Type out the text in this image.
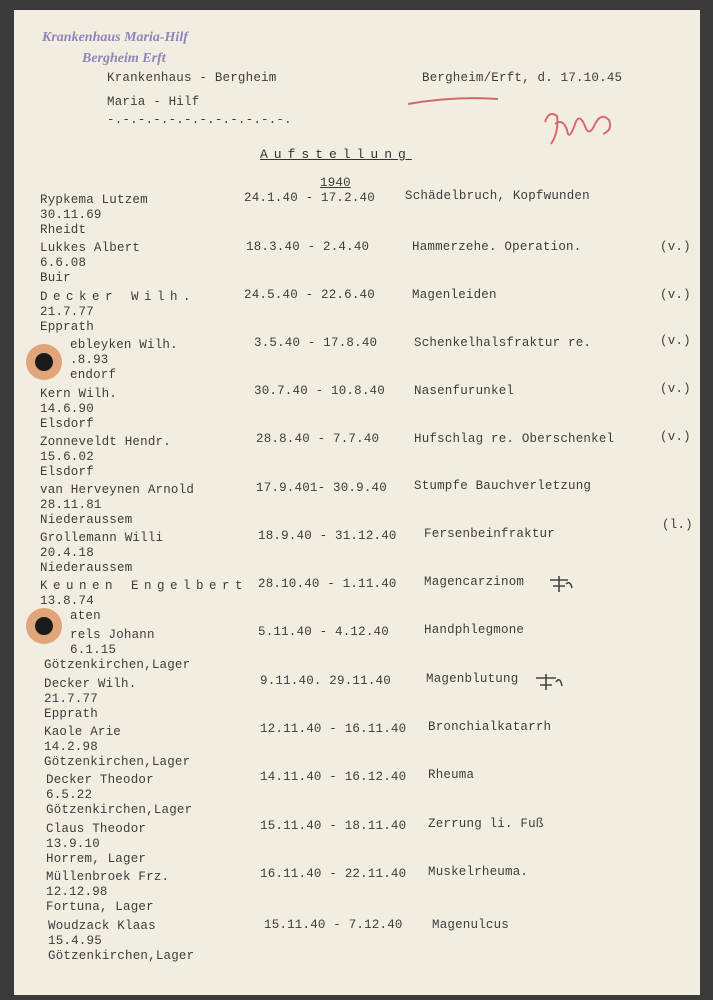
Krankenhaus Maria-Hilf
Bergheim Erft
Krankenhaus - Bergheim
Maria - Hilf
-.-.-.-.-.-.-.-.-.-.-.-.
Bergheim/Erft, d. 17.10.45
Aufstellung
1940
Rypkema Lutzem
30.11.69
Rheidt
24.1.40 - 17.2.40 Schädelbruch, Kopfwunden
Lukkes Albert
6.6.08
Buir
18.3.40 - 2.4.40	Hammerzehe. Operation.	(v.)
Decker Wilh.
21.7.77
Epprath
24.5.40 - 22.6.40	Magenleiden	(v.)
ebleyken Wilh.
.8.93
endorf
3.5.40 - 17.8.40	Schenkelhalsfraktur re.	(v.)
Kern Wilh.
14.6.90
Elsdorf
30.7.40 - 10.8.40 Nasenfurunkel	(v.)
Zonneveldt Hendr.
15.6.02
Elsdorf
28.8.40 - 7.7.40	Hufschlag re. Oberschenkel	(v.)
van Herveynen Arnold
28.11.81
Niederaussem
17.9.401- 30.9.40 Stumpfe Bauchverletzung
Grollemann Willi
20.4.18
Niederaussem
18.9.40 - 31.12.40 Fersenbeinfraktur
(l.)
Keunen Engelbert
13.8.74
aten
28.10.40 - 1.11.40 Magencarzinom
rels Johann
6.1.15
Götzenkirchen,Lager
5.11.40 - 4.12.40	Handphlegmone
Decker Wilh.
21.7.77
Epprath
9.11.40. 29.11.40	Magenblutung
Kaole Arie
14.2.98
Götzenkirchen,Lager
12.11.40 - 16.11.40 Bronchialkatarrh
Decker Theodor
6.5.22
Götzenkirchen,Lager
14.11.40 - 16.12.40 Rheuma
Claus Theodor
13.9.10
Horrem, Lager
15.11.40 - 18.11.40 Zerrung li. Fuß
Müllenbroek Frz.
12.12.98
Fortuna, Lager
16.11.40 - 22.11.40 Muskelrheuma.
Woudzack Klaas
15.4.95
Götzenkirchen,Lager
15.11.40 - 7.12.40 Magenulcus
